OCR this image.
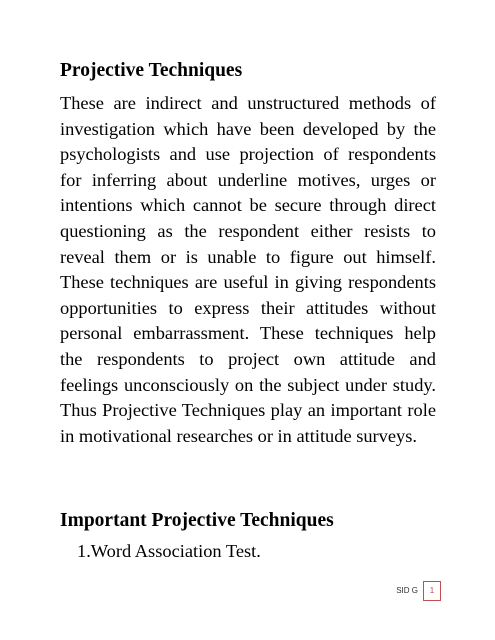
Projective Techniques

These are indirect and unstructured methods of investigation which have been developed by the psychologists and use projection of respondents for inferring about underline motives, urges or intentions which cannot be secure through direct questioning as the respondent either resists to reveal them or is unable to figure out himself. These techniques are useful in giving respondents opportunities to express their attitudes without personal embarrassment. These techniques help the respondents to project own attitude and feelings unconsciously on the subject under study. Thus Projective Techniques play an important role in motivational researches or in attitude surveys.

Important Projective Techniques
1.Word Association Test.
SID G	1
